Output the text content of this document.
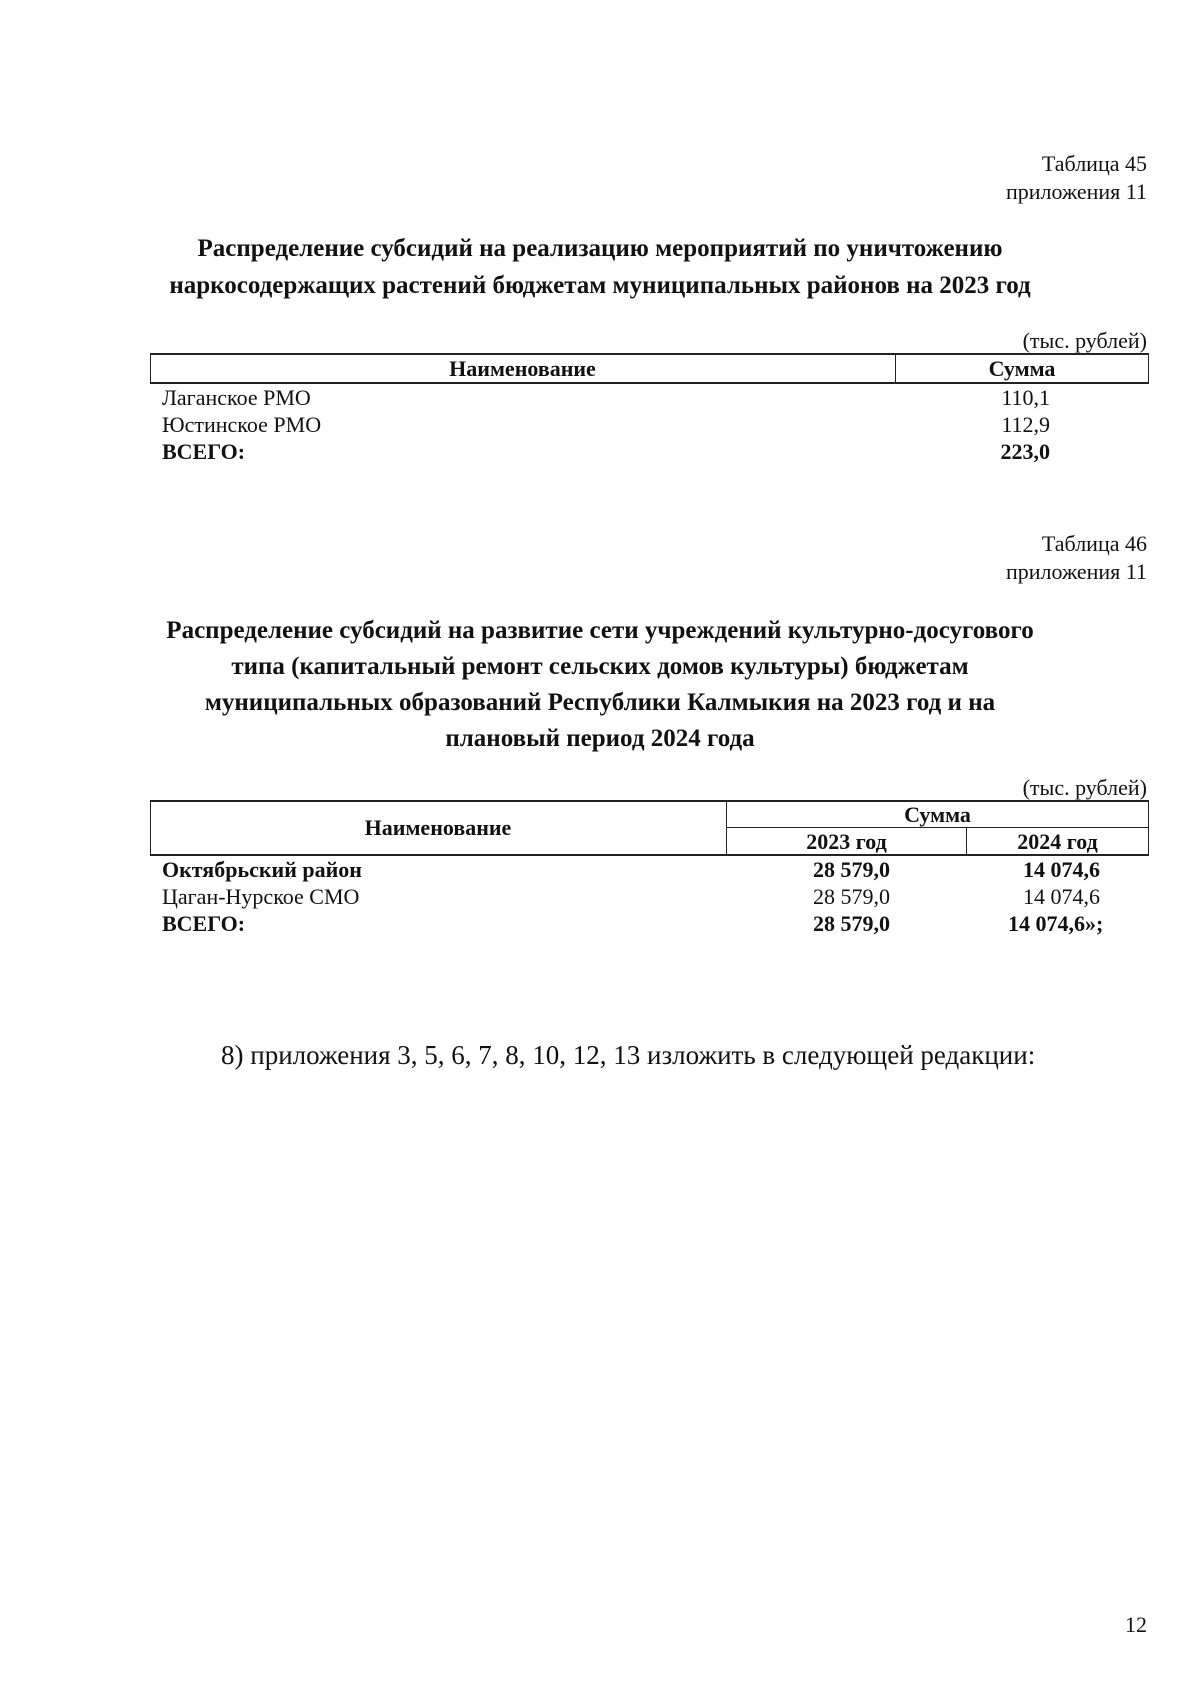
Таблица 45
приложения 11
Распределение субсидий на реализацию мероприятий по уничтожению
наркосодержащих растений бюджетам муниципальных районов на 2023 год
(тыс. рублей)
Наименование	Сумма
Лаганское РМО	110,1
Юстинское РМО	112,9
ВСЕГО:	223,0
Таблица 46
приложения 11
Распределение субсидий на развитие сети учреждений культурно-досугового
типа (капитальный ремонт сельских домов культуры) бюджетам
муниципальных образований Республики Калмыкия на 2023 год и на
плановый период 2024 года
(тыс. рублей)
Наименование
Сумма
2023 год	2024 год
Октябрьский район	28 579,0	14 074,6
Цаган-Нурское СМО	28 579,0	14 074,6
ВСЕГО:	28 579,0	14 074,6»;
8) приложения 3, 5, 6, 7, 8, 10, 12, 13 изложить в следующей редакции:
12
